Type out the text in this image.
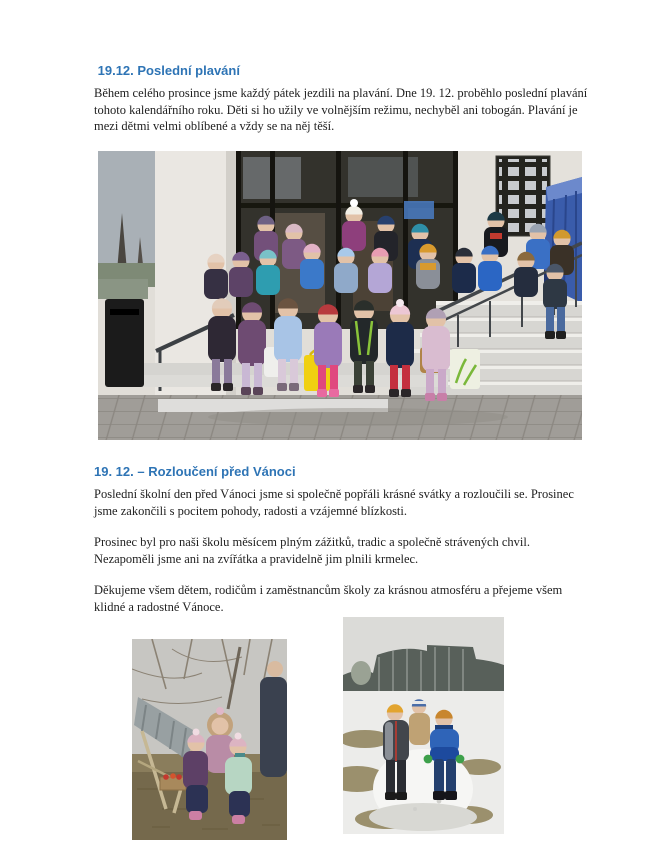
19.12. Poslední plavání

Během celého prosince jsme každý pátek jezdili na plavání. Dne 19. 12. proběhlo poslední plavání tohoto kalendářního roku. Děti si ho užily ve volnějším režimu, nechyběl ani tobogán. Plavání je mezi dětmi velmi oblíbené a vždy se na něj těší.

19. 12. – Rozloučení před Vánoci

Poslední školní den před Vánoci jsme si společně popřáli krásné svátky a rozloučili se. Prosinec jsme zakončili s pocitem pohody, radosti a vzájemné blízkosti.

Prosinec byl pro naši školu měsícem plným zážitků, tradic a společně strávených chvil. Nezapoměli jsme ani na zvířátka a pravidelně jim plnili krmelec.

Děkujeme všem dětem, rodičům i zaměstnancům školy za krásnou atmosféru a přejeme všem klidné a radostné Vánoce.
